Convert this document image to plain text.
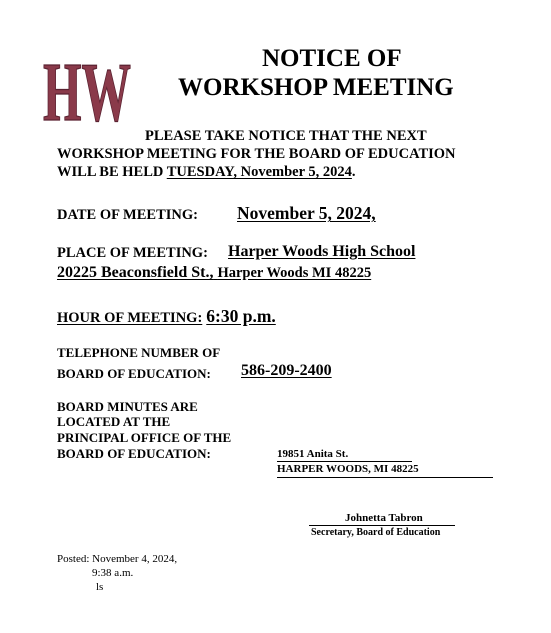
HW
HW	NOTICE OF
WORKSHOP MEETING
PLEASE TAKE NOTICE THAT THE NEXT
WORKSHOP MEETING FOR THE BOARD OF EDUCATION
WILL BE HELD TUESDAY, November 5, 2024.
DATE OF MEETING: November 5, 2024,
PLACE OF MEETING: Harper Woods High School
20225 Beaconsfield St., Harper Woods MI 48225
HOUR OF MEETING: 6:30 p.m.
TELEPHONE NUMBER OF
BOARD OF EDUCATION: 586-209-2400
BOARD MINUTES ARE
LOCATED AT THE
PRINCIPAL OFFICE OF THE
BOARD OF EDUCATION:	19851 Anita St.
HARPER WOODS, MI 48225
Johnetta Tabron
Secretary, Board of Education
Posted: November 4, 2024,
9:38 a.m.
ls
